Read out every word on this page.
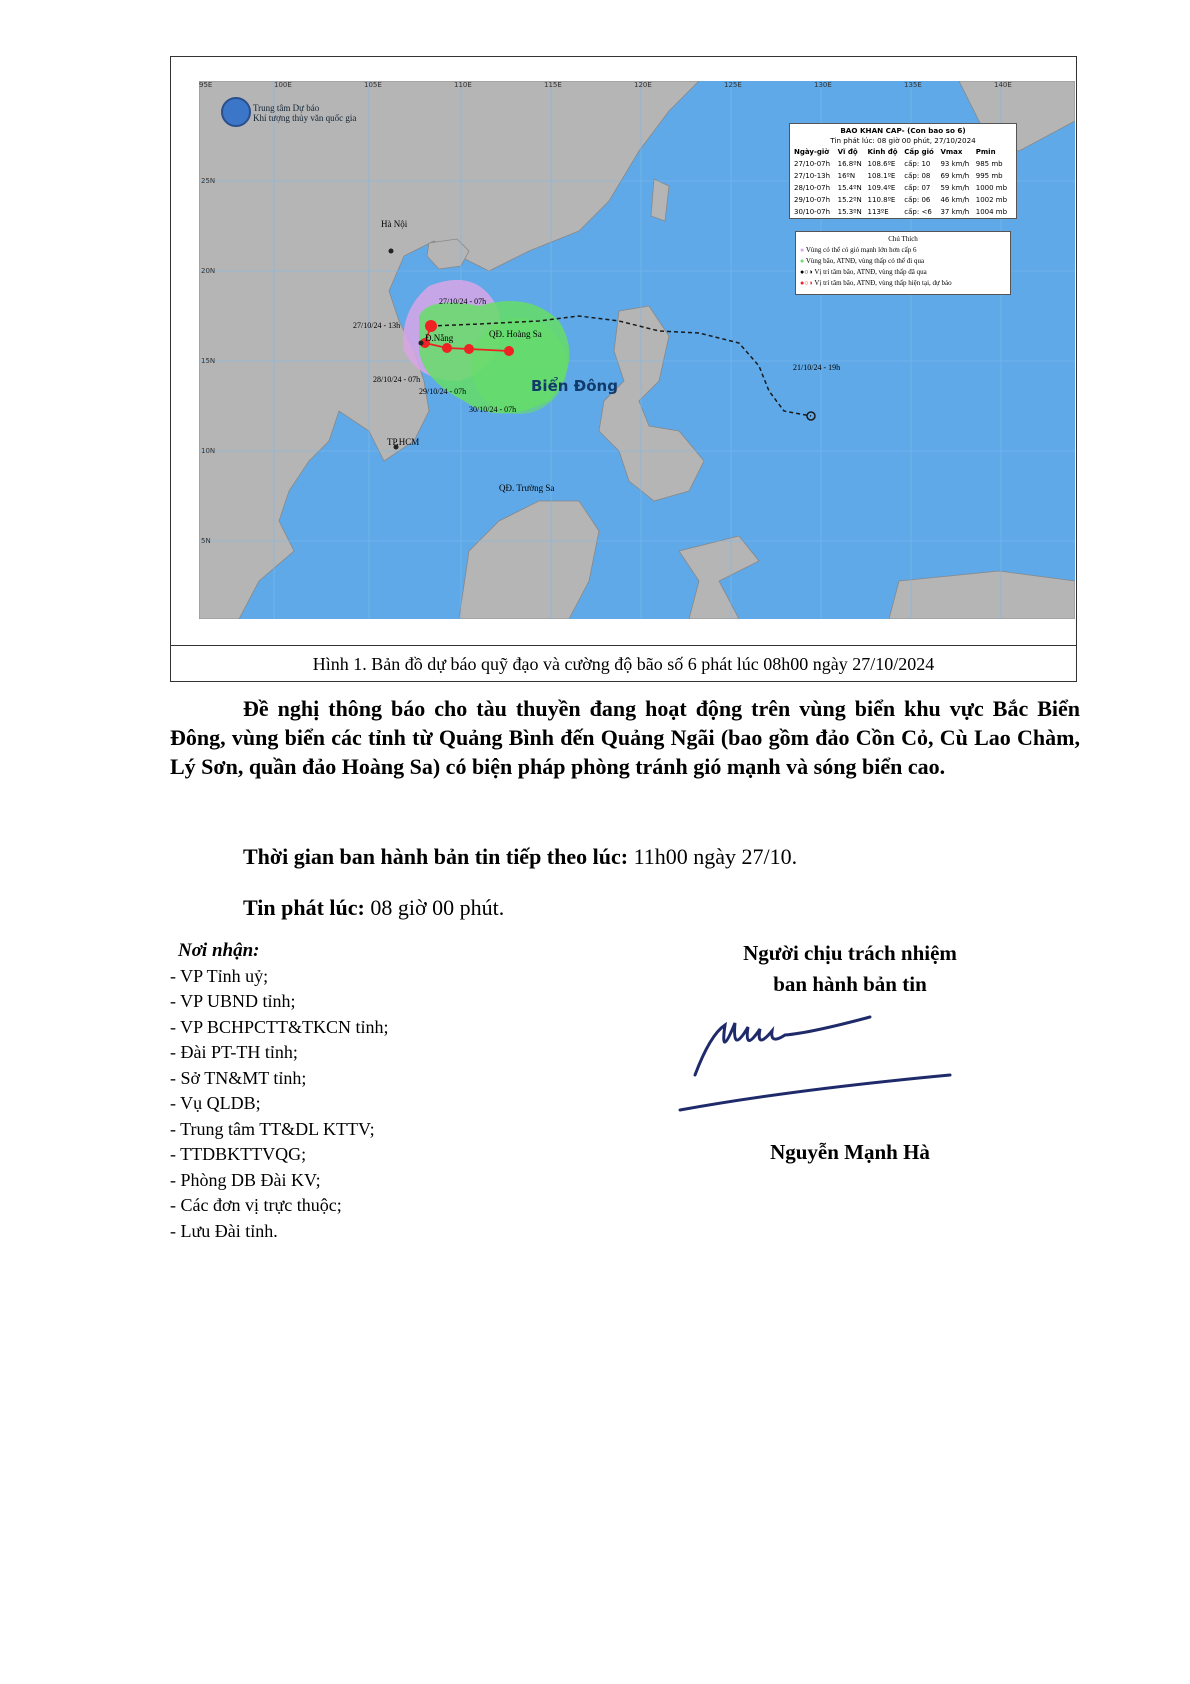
Trung tâm Dự báo
Khí tượng thủy văn quốc gia
BAO KHAN CAP- (Con bao so 6)
Tin phát lúc: 08 giờ 00 phút, 27/10/2024
Ngày-giờ	Vĩ độ	Kinh độ	Cấp gió	Vmax	Pmin
27/10-07h	16.8ºN	108.6ºE	cấp: 10	93 km/h	985 mb
27/10-13h	16ºN	108.1ºE	cấp: 08	69 km/h	995 mb
28/10-07h	15.4ºN	109.4ºE	cấp: 07	59 km/h	1000 mb
29/10-07h	15.2ºN	110.8ºE	cấp: 06	46 km/h	1002 mb
30/10-07h	15.3ºN	113ºE	cấp: <6	37 km/h	1004 mb
Chú Thích
● Vùng có thể có gió mạnh lớn hơn cấp 6
● Vùng bão, ATNĐ, vùng thấp có thể đi qua
●○◑ Vị trí tâm bão, ATNĐ, vùng thấp đã qua
●○◑ Vị trí tâm bão, ATNĐ, vùng thấp hiện tại, dự báo
Hà Nội
Đ.Nẵng
TP.HCM
QĐ. Hoàng Sa
QĐ. Trường Sa
Biển Đông
27/10/24 - 07h
27/10/24 - 13h
28/10/24 - 07h
29/10/24 - 07h
30/10/24 - 07h
21/10/24 - 19h
95E	100E	105E	110E	115E	120E	125E	130E	135E	140E
25N
20N
15N
10N
5N
Hình 1. Bản đồ dự báo quỹ đạo và cường độ bão số 6 phát lúc 08h00 ngày 27/10/2024
Đề nghị thông báo cho tàu thuyền đang hoạt động trên vùng biển khu vực Bắc Biển Đông, vùng biển các tỉnh từ Quảng Bình đến Quảng Ngãi (bao gồm đảo Cồn Cỏ, Cù Lao Chàm, Lý Sơn, quần đảo Hoàng Sa) có biện pháp phòng tránh gió mạnh và sóng biển cao.
Thời gian ban hành bản tin tiếp theo lúc: 11h00 ngày 27/10.
Tin phát lúc: 08 giờ 00 phút.
Nơi nhận:
- VP Tỉnh uỷ;
- VP UBND tỉnh;
- VP BCHPCTT&TKCN tỉnh;
- Đài PT-TH tỉnh;
- Sở TN&MT tỉnh;
- Vụ QLDB;
- Trung tâm TT&DL KTTV;
- TTDBKTTVQG;
- Phòng DB Đài KV;
- Các đơn vị trực thuộc;
- Lưu Đài tỉnh.
Người chịu trách nhiệm
ban hành bản tin
Nguyễn Mạnh Hà
